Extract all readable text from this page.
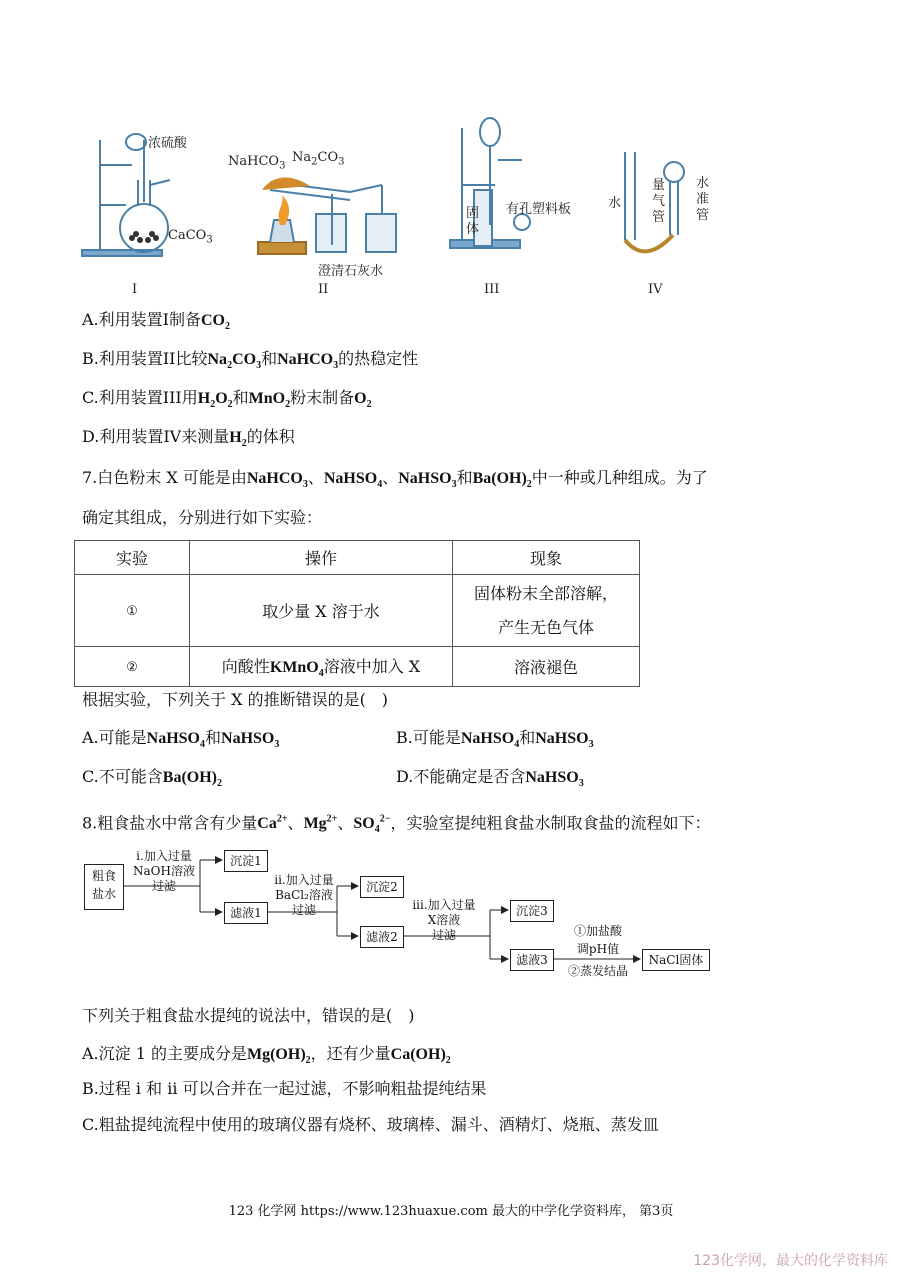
浓硫酸
CaCO$_3$
NaHCO$_3$
$Na_2CO_3$
澄清石灰水
固体
有孔塑料板	水
量气管
水准管
I	II	III	IV
A.利用装置I制备$CO_2$
B.利用装置II比较$Na_2CO_3$和NaHCO$_3$的热稳定性
C.利用装置III用$H_2O_2$和MnO$_2$粉末制备$O_2$
D.利用装置IV来测量$H_2$的体积
7.白色粉末 X 可能是由NaHCO$_3$、NaHSO$_4$、NaHSO$_3$和$Ba(OH)_2$中一种或几种组成。为了
确定其组成，分别进行如下实验：
实验	操作	现象
①	取少量 X 溶于水	固体粉末全部溶解，
产生无色气体

②	向酸性KMnO$_4$溶液中加入 X	溶液褪色
根据实验，下列关于 X 的推断错误的是(　)
A.可能是NaHSO$_4$和NaHSO$_3$	B.可能是NaHSO$_4$和NaHSO$_3$
C.不可能含$Ba(OH)_2$	D.不能确定是否含NaHSO$_3$
8.粗食盐水中常含有少量$Ca^{2+}$、$Mg^{2+}$、$SO_4^{2-}$，实验室提纯粗食盐水制取食盐的流程如下：
粗食
盐水
i.加入过量
NaOH溶液
过滤
沉淀1
滤液1
ii.加入过量
BaCl₂溶液
过滤
沉淀2
滤液2
iii.加入过量
X溶液
过滤
沉淀3
滤液3
①加盐酸
调pH值
②蒸发结晶
NaCl固体
下列关于粗食盐水提纯的说法中，错误的是(　)
A.沉淀 1 的主要成分是$Mg(OH)_2$，还有少量$Ca(OH)_2$
B.过程 i 和 ii 可以合并在一起过滤，不影响粗盐提纯结果
C.粗盐提纯流程中使用的玻璃仪器有烧杯、玻璃棒、漏斗、酒精灯、烧瓶、蒸发皿
123 化学网 https://www.123huaxue.com 最大的中学化学资料库， 第3页
123化学网，最大的化学资料库
